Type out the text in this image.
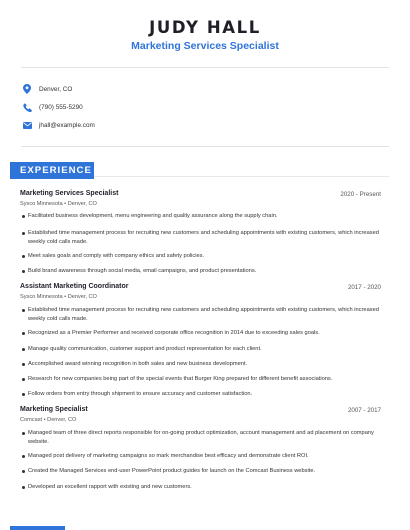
JUDY HALL
Marketing Services Specialist
Denver, CO
(790) 555-5290
jhall@example.com
EXPERIENCE
Marketing Services Specialist	2020 - Present
Sysco Minnesota • Denver, CO
Facilitated business development, menu engineering and quality assurance along the supply chain.
Established time management process for recruiting new customers and scheduling appointments with existing customers, which increased weekly cold calls made.
Meet sales goals and comply with company ethics and safety policies.
Build brand awareness through social media, email campaigns, and product presentations.
Assistant Marketing Coordinator	2017 - 2020
Sysco Minnesota • Denver, CO
Established time management process for recruiting new customers and scheduling appointments with existing customers, which increased weekly cold calls made.
Recognized as a Premier Performer and received corporate office recognition in 2014 due to exceeding sales goals.
Manage quality communication, customer support and product representation for each client.
Accomplished award winning recognition in both sales and new business development.
Research for new companies being part of the special events that Burger King prepared for different benefit associations.
Follow orders from entry through shipment to ensure accuracy and customer satisfaction.
Marketing Specialist	2007 - 2017
Comcast • Denver, CO
Managed team of three direct reports responsible for on-going product optimization, account management and ad placement on company website.
Managed post delivery of marketing campaigns so mark merchandise best efficacy and demonstrate client ROI.
Created the Managed Services end-user PowerPoint product guides for launch on the Comcast Business website.
Developed an excellent rapport with existing and new customers.
